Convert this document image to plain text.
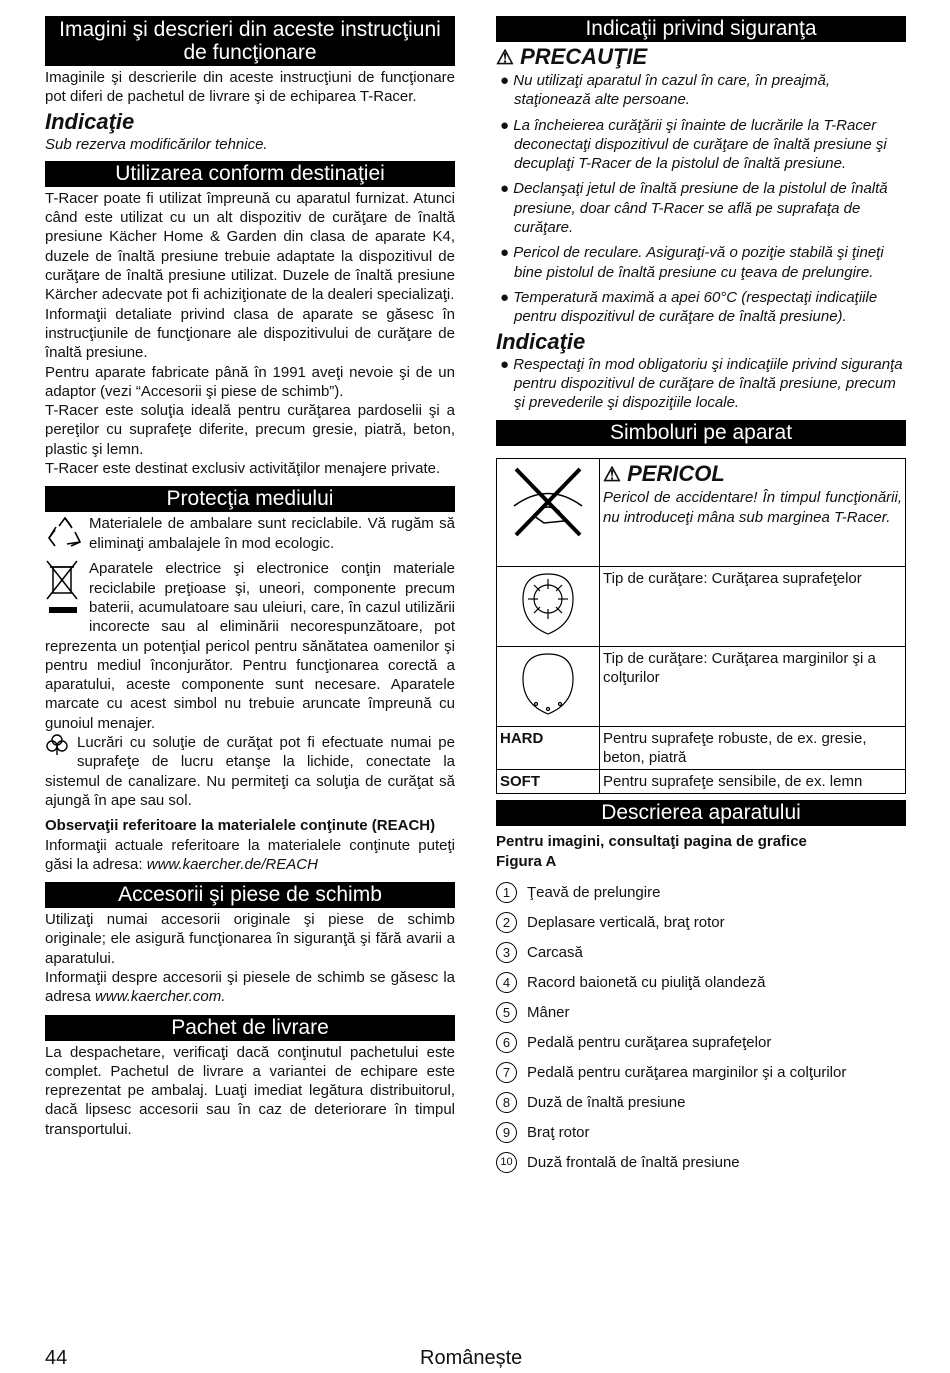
Imagini şi descrieri din aceste instrucţiuni de funcţionare

Imaginile şi descrierile din aceste instrucţiuni de funcţionare pot diferi de pachetul de livrare şi de echiparea T-Racer.

Indicaţie

Sub rezerva modificărilor tehnice.

Utilizarea conform destinaţiei

T-Racer poate fi utilizat împreună cu aparatul furnizat. Atunci când este utilizat cu un alt dispozitiv de curăţare de înaltă presiune Kächer Home & Garden din clasa de aparate K4, duzele de înaltă presiune trebuie adaptate la dispozitivul de curăţare de înaltă presiune utilizat. Duzele de înaltă presiune Kärcher adecvate pot fi achiziţionate de la dealeri specializaţi.

Informaţii detaliate privind clasa de aparate se găsesc în instrucţiunile de funcţionare ale dispozitivului de curăţare de înaltă presiune.

Pentru aparate fabricate până în 1991 aveţi nevoie şi de un adaptor (vezi “Accesorii şi piese de schimb”).

T-Racer este soluţia ideală pentru curăţarea pardoselii şi a pereţilor cu suprafeţe diferite, precum gresie, piatră, beton, plastic şi lemn.

T-Racer este destinat exclusiv activităţilor menajere private.

Protecţia mediului

Materialele de ambalare sunt reciclabile. Vă rugăm să eliminaţi ambalajele în mod ecologic.

Aparatele electrice şi electronice conţin materiale reciclabile preţioase şi, uneori, componente precum baterii, acumulatoare sau uleiuri, care, în cazul utilizării incorecte sau al eliminării necorespunzătoare, pot reprezenta un potenţial pericol pentru sănătatea oamenilor şi pentru mediul înconjurător. Pentru funcţionarea corectă a aparatului, aceste componente sunt necesare. Aparatele marcate cu acest simbol nu trebuie aruncate împreună cu gunoiul menajer.

Lucrări cu soluţie de curăţat pot fi efectuate numai pe suprafeţe de lucru etanşe la lichide, conectate la sistemul de canalizare. Nu permiteţi ca soluţia de curăţat să ajungă în ape sau sol.

Observaţii referitoare la materialele conţinute (REACH)

Informaţii actuale referitoare la materialele conţinute puteţi găsi la adresa: www.kaercher.de/REACH

Accesorii şi piese de schimb

Utilizaţi numai accesorii originale şi piese de schimb originale; ele asigură funcţionarea în siguranţă şi fără avarii a aparatului.

Informaţii despre accesorii şi piesele de schimb se găsesc la adresa www.kaercher.com.

Pachet de livrare

La despachetare, verificaţi dacă conţinutul pachetului este complet. Pachetul de livrare a variantei de echipare este reprezentat pe ambalaj. Luaţi imediat legătura distribuitorul, dacă lipsesc accesorii sau în caz de deteriorare în timpul transportului.

Indicaţii privind siguranţa

⚠ PRECAUŢIE

● Nu utilizaţi aparatul în cazul în care, în preajmă, staţionează alte persoane.
● La încheierea curăţării şi înainte de lucrările la T-Racer deconectaţi dispozitivul de curăţare de înaltă presiune şi decuplaţi T-Racer de la pistolul de înaltă presiune.
● Declanşaţi jetul de înaltă presiune de la pistolul de înaltă presiune, doar când T-Racer se află pe suprafaţa de curăţare.
● Pericol de reculare. Asiguraţi-vă o poziţie stabilă şi ţineţi bine pistolul de înaltă presiune cu ţeava de prelungire.
● Temperatură maximă a apei 60°C (respectaţi indicaţiile pentru dispozitivul de curăţare de înaltă presiune).

Indicaţie

● Respectaţi în mod obligatoriu şi indicaţiile privind siguranţa pentru dispozitivul de curăţare de înaltă presiune, precum şi prevederile şi dispoziţiile locale.
Simboluri pe aparat

⚠ PERICOL

Pericol de accidentare! În timpul funcţionării, nu introduceţi mâna sub marginea T-Racer.

	Tip de curăţare: Curăţarea suprafeţelor
	Tip de curăţare: Curăţarea marginilor şi a colţurilor
HARD	Pentru suprafeţe robuste, de ex. gresie, beton, piatră
SOFT	Pentru suprafeţe sensibile, de ex. lemn
Descrierea aparatului

Pentru imagini, consultaţi pagina de grafice

Figura A

1	Ţeavă de prelungire
2	Deplasare verticală, braţ rotor
3	Carcasă
4	Racord baionetă cu piuliţă olandeză
5	Mâner
6	Pedală pentru curăţarea suprafeţelor
7	Pedală pentru curăţarea marginilor şi a colţurilor
8	Duză de înaltă presiune
9	Braţ rotor
10 Duză frontală de înaltă presiune
44	Românește
